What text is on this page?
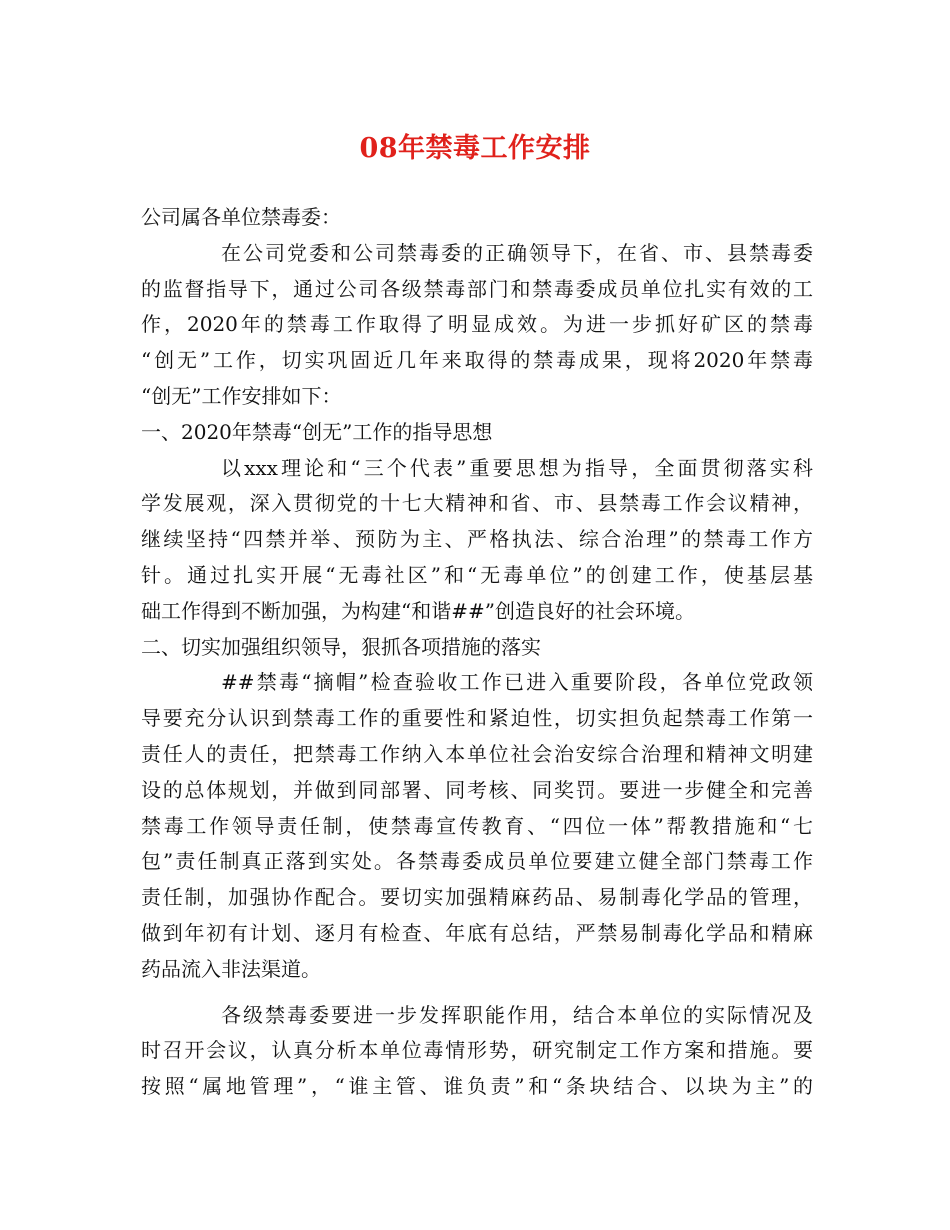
08年禁毒工作安排
公司属各单位禁毒委：
在公司党委和公司禁毒委的正确领导下，在省、市、县禁毒委
的监督指导下，通过公司各级禁毒部门和禁毒委成员单位扎实有效的工
作，2020年的禁毒工作取得了明显成效。为进一步抓好矿区的禁毒
“创无”工作，切实巩固近几年来取得的禁毒成果，现将2020年禁毒
“创无”工作安排如下：
一、2020年禁毒“创无”工作的指导思想
以xxx理论和“三个代表”重要思想为指导，全面贯彻落实科
学发展观，深入贯彻党的十七大精神和省、市、县禁毒工作会议精神，
继续坚持“四禁并举、预防为主、严格执法、综合治理”的禁毒工作方
针。通过扎实开展“无毒社区”和“无毒单位”的创建工作，使基层基
础工作得到不断加强，为构建“和谐##”创造良好的社会环境。
二、切实加强组织领导，狠抓各项措施的落实
##禁毒“摘帽”检查验收工作已进入重要阶段，各单位党政领
导要充分认识到禁毒工作的重要性和紧迫性，切实担负起禁毒工作第一
责任人的责任，把禁毒工作纳入本单位社会治安综合治理和精神文明建
设的总体规划，并做到同部署、同考核、同奖罚。要进一步健全和完善
禁毒工作领导责任制，使禁毒宣传教育、“四位一体”帮教措施和“七
包”责任制真正落到实处。各禁毒委成员单位要建立健全部门禁毒工作
责任制，加强协作配合。要切实加强精麻药品、易制毒化学品的管理，
做到年初有计划、逐月有检查、年底有总结，严禁易制毒化学品和精麻
药品流入非法渠道。
各级禁毒委要进一步发挥职能作用，结合本单位的实际情况及
时召开会议，认真分析本单位毒情形势，研究制定工作方案和措施。要
按照“属地管理”，“谁主管、谁负责”和“条块结合、以块为主”的
